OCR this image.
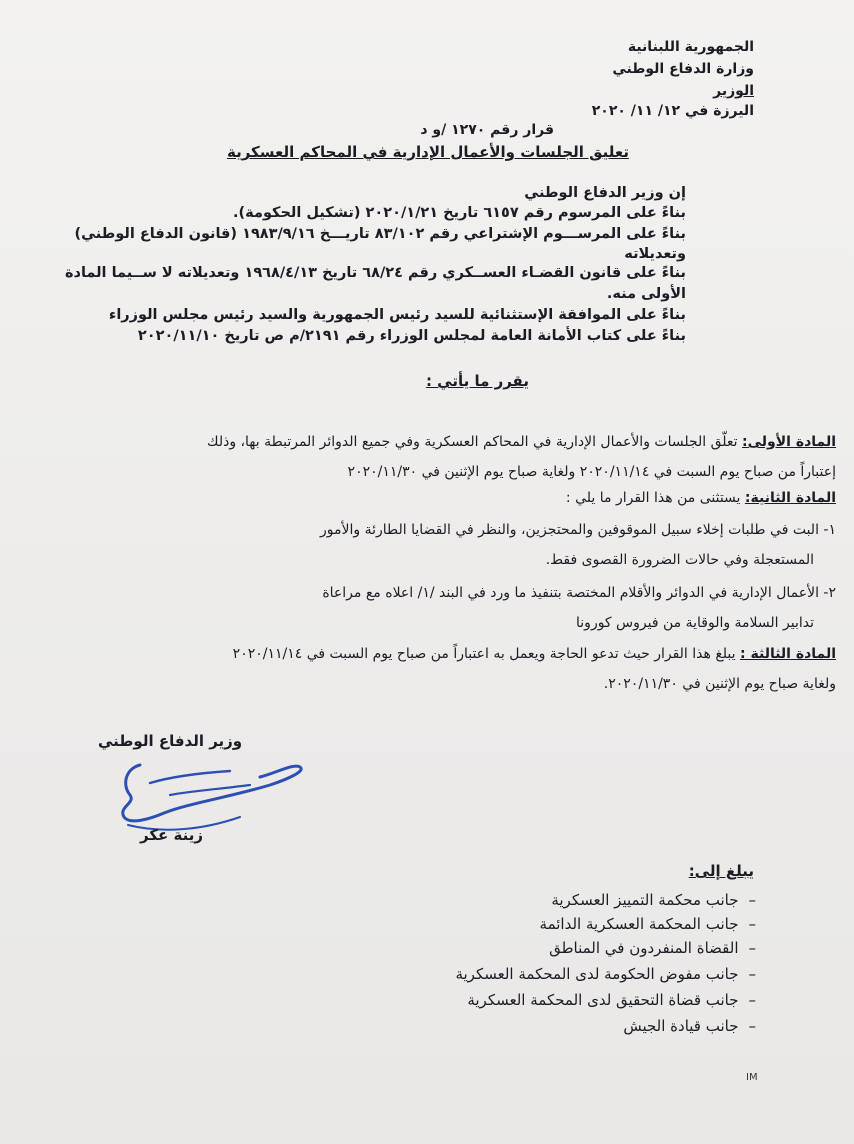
الجمهورية اللبنانية
وزارة الدفاع الوطني
الوزير
اليرزة في ١٢/ ١١/ ٢٠٢٠
قرار رقم ١٢٧٠ /و د
تعليق الجلسات والأعمال الإدارية في المحاكم العسكرية
إن وزير الدفاع الوطني
بناءً على المرسوم رقم ٦١٥٧ تاريخ ٢٠٢٠/١/٢١ (تشكيل الحكومة).
بناءً على المرســـوم الإشتراعي رقم ٨٣/١٠٢ تاريـــخ ١٩٨٣/٩/١٦ (قانون الدفاع الوطني)
وتعديلاته
بناءً على قانون القضـاء العســكري رقم ٦٨/٢٤ تاريخ ١٩٦٨/٤/١٣ وتعديلاته لا ســيما المادة
الأولى منه.
بناءً على الموافقة الإستثنائية للسيد رئيس الجمهورية والسيد رئيس مجلس الوزراء
بناءً على كتاب الأمانة العامة لمجلس الوزراء رقم ٢١٩١/م ص تاريخ ٢٠٢٠/١١/١٠
يقرر ما يأتي :
المادة الأولى: تعلّق الجلسات والأعمال الإدارية في المحاكم العسكرية وفي جميع الدوائر المرتبطة بها، وذلك
إعتباراً من صباح يوم السبت في ٢٠٢٠/١١/١٤ ولغاية صباح يوم الإثنين في ٢٠٢٠/١١/٣٠
المادة الثانية: يستثنى من هذا القرار ما يلي :
١- البت في طلبات إخلاء سبيل الموقوفين والمحتجزين، والنظر في القضايا الطارئة والأمور
المستعجلة وفي حالات الضرورة القصوى فقط.
٢- الأعمال الإدارية في الدوائر والأقلام المختصة بتنفيذ ما ورد في البند /١/ اعلاه مع مراعاة
تدابير السلامة والوقاية من فيروس كورونا
المادة الثالثة : يبلغ هذا القرار حيث تدعو الحاجة ويعمل به اعتباراً من صباح يوم السبت في ٢٠٢٠/١١/١٤
ولغاية صباح يوم الإثنين في ٢٠٢٠/١١/٣٠.
وزير الدفاع الوطني
زينة عكر
يبلغ إلى:
–جانب محكمة التمييز العسكرية
–جانب المحكمة العسكرية الدائمة
–القضاة المنفردون في المناطق
–جانب مفوض الحكومة لدى المحكمة العسكرية
–جانب قضاة التحقيق لدى المحكمة العسكرية
–جانب قيادة الجيش
IM
